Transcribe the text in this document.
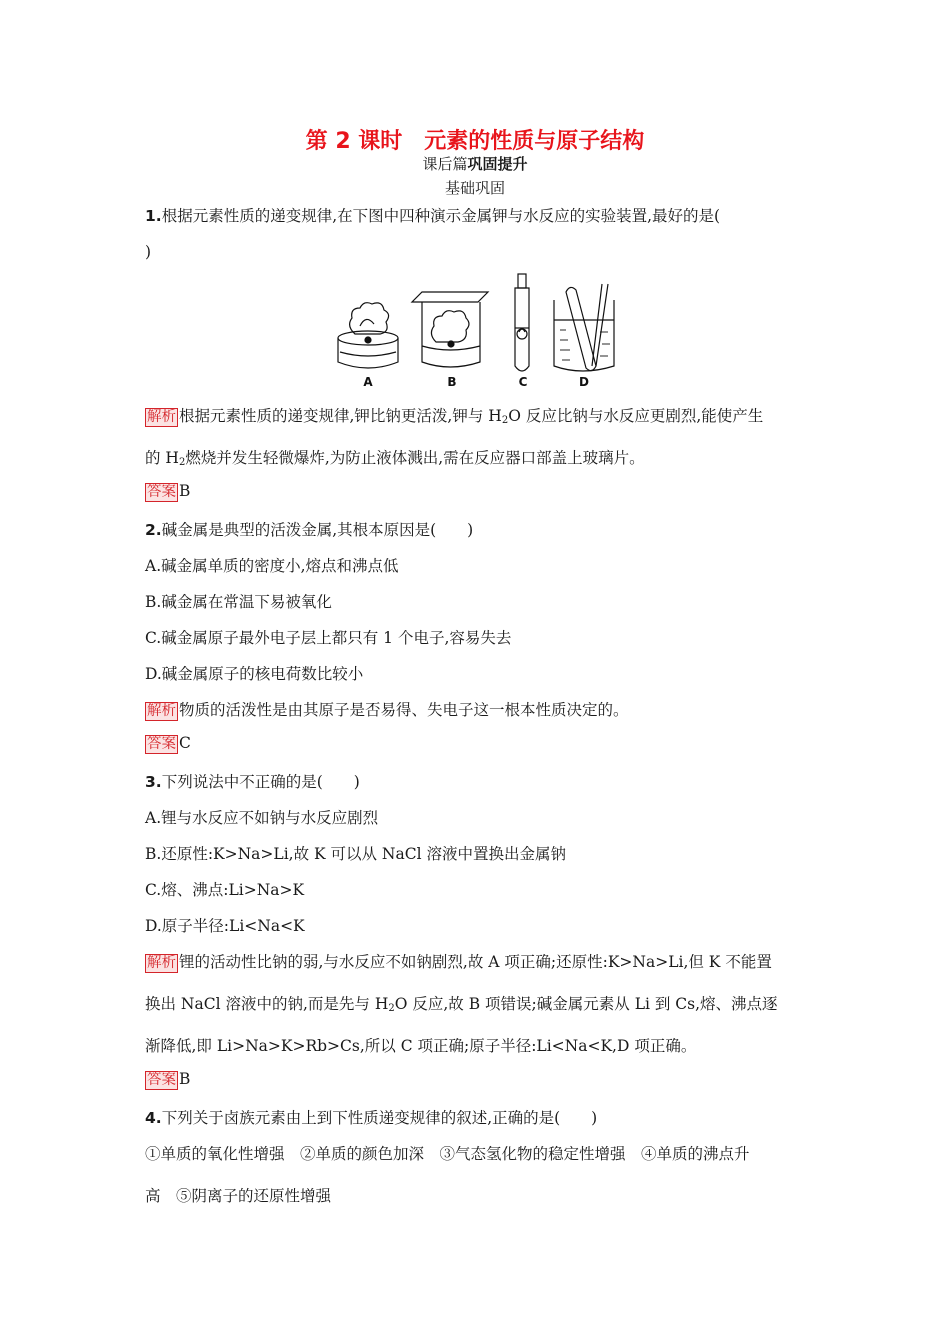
第 2 课时　元素的性质与原子结构
课后篇巩固提升
基础巩固
1.根据元素性质的递变规律,在下图中四种演示金属钾与水反应的实验装置,最好的是(
)
A	B	C	D
解析 根据元素性质的递变规律,钾比钠更活泼,钾与 $H_2O$ 反应比钠与水反应更剧烈,能使产生
的 $H_2$燃烧并发生轻微爆炸,为防止液体溅出,需在反应器口部盖上玻璃片。
答案 B
2.碱金属是典型的活泼金属,其根本原因是(　　)
A.碱金属单质的密度小,熔点和沸点低
B.碱金属在常温下易被氧化
C.碱金属原子最外电子层上都只有 1 个电子,容易失去
D.碱金属原子的核电荷数比较小
解析 物质的活泼性是由其原子是否易得、失电子这一根本性质决定的。
答案 C
3.下列说法中不正确的是(　　)
A.锂与水反应不如钠与水反应剧烈
B.还原性:K>Na>Li,故 K 可以从 NaCl 溶液中置换出金属钠
C.熔、沸点:Li>Na>K
D.原子半径:Li<Na<K
解析 锂的活动性比钠的弱,与水反应不如钠剧烈,故 A 项正确;还原性:K>Na>Li,但 K 不能置
换出 NaCl 溶液中的钠,而是先与 $H_2O$ 反应,故 B 项错误;碱金属元素从 Li 到 Cs,熔、沸点逐
渐降低,即 Li>Na>K>Rb>Cs,所以 C 项正确;原子半径:Li<Na<K,D 项正确。
答案 B
4.下列关于卤族元素由上到下性质递变规律的叙述,正确的是(　　)
①单质的氧化性增强　②单质的颜色加深　③气态氢化物的稳定性增强　④单质的沸点升
高　⑤阴离子的还原性增强
